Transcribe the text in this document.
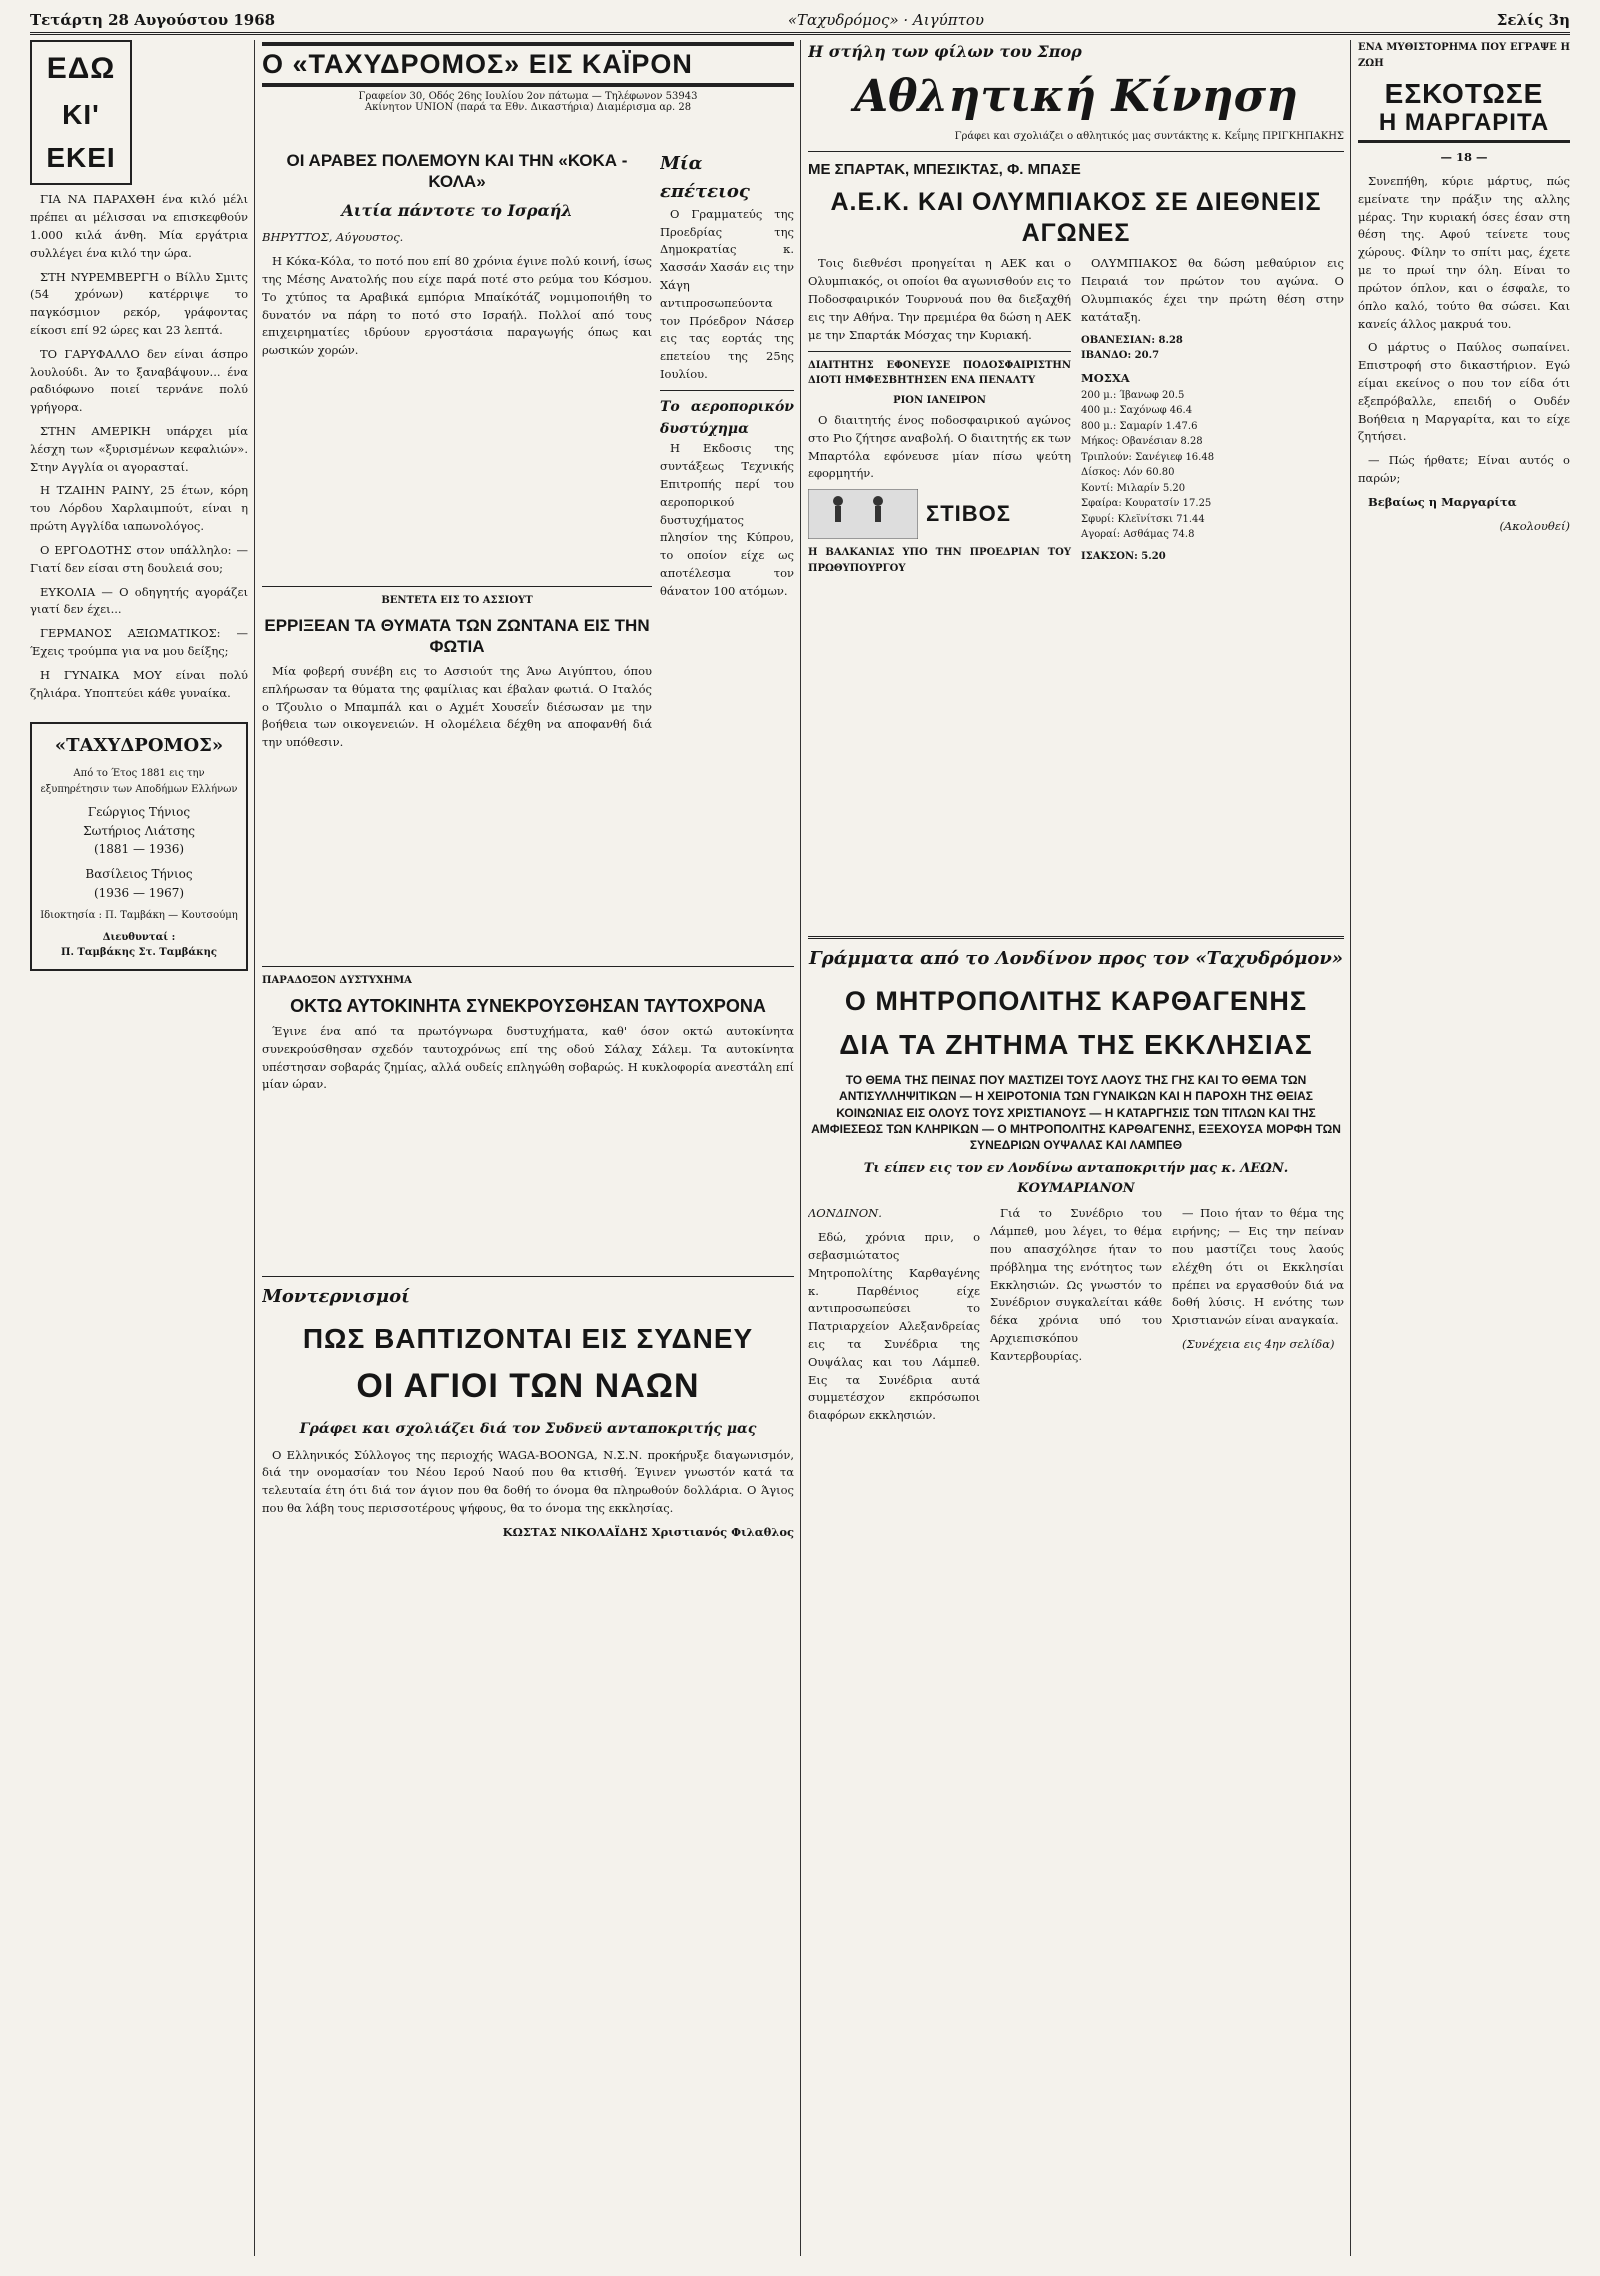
Τετάρτη 28 Αυγούστου 1968	«Ταχυδρόμος» · Αιγύπτου	Σελίς 3η
ΕΔΩ
ΚΙ' ΕΚΕΙ

ΓΙΑ ΝΑ ΠΑΡΑΧΘΗ ένα κιλό μέλι πρέπει αι μέλισσαι να επισκεφθούν 1.000 κιλά άνθη. Μία εργάτρια συλλέγει ένα κιλό την ώρα.

ΣΤΗ ΝΥΡΕΜΒΕΡΓΗ ο Βίλλυ Σμιτς (54 χρόνων) κατέρριψε το παγκόσμιον ρεκόρ, γράφοντας είκοσι επί 92 ώρες και 23 λεπτά.

ΤΟ ΓΑΡΥΦΑΛΛΟ δεν είναι άσπρο λουλούδι. Άν το ξαναβάψουν... ένα ραδιόφωνο ποιεί τερνάνε πολύ γρήγορα.

ΣΤΗΝ ΑΜΕΡΙΚΗ υπάρχει μία λέσχη των «ξυρισμένων κεφαλιών». Στην Αγγλία οι αγορασταί.

Η ΤΖΑΙΗΝ ΡΑΙΝΥ, 25 έτων, κόρη του Λόρδου Χαρλαιμπούτ, είναι η πρώτη Αγγλίδα ιαπωνολόγος.

Ο ΕΡΓΟΔΟΤΗΣ στον υπάλληλο: — Γιατί δεν είσαι στη δουλειά σου;

ΕΥΚΟΛΙΑ — Ο οδηγητής αγοράζει γιατί δεν έχει...

ΓΕΡΜΑΝΟΣ ΑΞΙΩΜΑΤΙΚΟΣ: — Έχεις τρούμπα για να μου δείξης;

Η ΓΥΝΑΙΚΑ ΜΟΥ είναι πολύ ζηλιάρα. Υποπτεύει κάθε γυναίκα.

«ΤΑΧΥΔΡΟΜΟΣ»
Από το Έτος 1881 εις την εξυπηρέτησιν των Αποδήμων Ελλήνων
Γεώργιος Τήνιος
Σωτήριος Λιάτσης
(1881 — 1936)
Βασίλειος Τήνιος
(1936 — 1967)
Ιδιοκτησία : Π. Ταμβάκη — Κουτσούμη
Διευθυνταί :
Π. Ταμβάκης Στ. Ταμβάκης
Ο «ΤΑΧΥΔΡΟΜΟΣ» ΕΙΣ ΚΑΪΡΟΝ
Γραφείον 30, Οδός 26ης Ιουλίου 2ον πάτωμα — Τηλέφωνον 53943
Ακίνητον UNION (παρά τα Εθν. Δικαστήρια) Διαμέρισμα αρ. 28
ΟΙ ΑΡΑΒΕΣ ΠΟΛΕΜΟΥΝ ΚΑΙ ΤΗΝ «ΚΟΚΑ - ΚΟΛΑ»
Αιτία πάντοτε το Ισραήλ

ΒΗΡΥΤΤΟΣ, Αύγουστος.

Η Κόκα-Κόλα, το ποτό που επί 80 χρόνια έγινε πολύ κοινή, ίσως της Μέσης Ανατολής που είχε παρά ποτέ στο ρεύμα του Κόσμου. Το χτύπος τα Αραβικά εμπόρια Μπαίκότάζ νομιμοποιήθη το δυνατόν να πάρη το ποτό στο Ισραήλ. Πολλοί από τους επιχειρηματίες ιδρύουν εργοστάσια παραγωγής όπως και ρωσικών χορών.

Μία επέτειος

Ο Γραμματεύς της Προεδρίας της Δημοκρατίας κ. Χασσάν Χασάν εις την Χάγη αντιπροσωπεύοντα τον Πρόεδρον Νάσερ εις τας εορτάς της επετείου της 25ης Ιουλίου.

Το αεροπορικόν δυστύχημα

Η Εκδοσις της συντάξεως Τεχνικής Επιτροπής περί του αεροπορικού δυστυχήματος πλησίον της Κύπρου, το οποίον είχε ως αποτέλεσμα τον θάνατον 100 ατόμων.

ΒΕΝΤΕΤΑ ΕΙΣ ΤΟ ΑΣΣΙΟΥΤ
ΕΡΡΙΞΕΑΝ ΤΑ ΘΥΜΑΤΑ ΤΩΝ ΖΩΝΤΑΝΑ ΕΙΣ ΤΗΝ ΦΩΤΙΑ

Μία φοβερή συνέβη εις το Ασσιούτ της Άνω Αιγύπτου, όπου επλήρωσαν τα θύματα της φαμίλιας και έβαλαν φωτιά. Ο Ιταλός ο Τζουλιο ο Μπαμπάλ και ο Αχμέτ Χουσεΐν διέσωσαν με την βοήθεια των οικογενειών. Η ολομέλεια δέχθη να αποφανθή διά την υπόθεσιν.

ΠΑΡΑΔΟΞΟΝ ΔΥΣΤΥΧΗΜΑ
ΟΚΤΩ ΑΥΤΟΚΙΝΗΤΑ ΣΥΝΕΚΡΟΥΣΘΗΣΑΝ ΤΑΥΤΟΧΡΟΝΑ

Έγινε ένα από τα πρωτόγνωρα δυστυχήματα, καθ' όσον οκτώ αυτοκίνητα συνεκρούσθησαν σχεδόν ταυτοχρόνως επί της οδού Σάλαχ Σάλεμ. Τα αυτοκίνητα υπέστησαν σοβαράς ζημίας, αλλά ουδείς επληγώθη σοβαρώς. Η κυκλοφορία ανεστάλη επί μίαν ώραν.

Μοντερνισμοί
ΠΩΣ ΒΑΠΤΙΖΟΝΤΑΙ ΕΙΣ ΣΥΔΝΕΥ
ΟΙ ΑΓΙΟΙ ΤΩΝ ΝΑΩΝ
Γράφει και σχολιάζει διά τον Συδνεϋ ανταποκριτής μας

Ο Ελληνικός Σύλλογος της περιοχής WAGA-BOONGA, Ν.Σ.Ν. προκήρυξε διαγωνισμόν, διά την ονομασίαν του Νέου Ιερού Ναού που θα κτισθή. Έγινεν γνωστόν κατά τα τελευταία έτη ότι διά τον άγιον που θα δοθή το όνομα θα πληρωθούν δολλάρια. Ο Άγιος που θα λάβη τους περισσοτέρους ψήφους, θα το όνομα της εκκλησίας.

ΚΩΣΤΑΣ ΝΙΚΟΛΑΪΔΗΣ Χριστιανός Φιλαθλος

Η στήλη των φίλων του Σπορ
Αθλητική Κίνηση
Γράφει και σχολιάζει ο αθλητικός μας συντάκτης κ. Κεΐμης ΠΡΙΓΚΗΠΑΚΗΣ
ΜΕ ΣΠΑΡΤΑΚ, ΜΠΕΣΙΚΤΑΣ, Φ. ΜΠΑΣΕ
Α.Ε.Κ. ΚΑΙ ΟΛΥΜΠΙΑΚΟΣ ΣΕ ΔΙΕΘΝΕΙΣ ΑΓΩΝΕΣ

Τοις διεθνέσι προηγείται η ΑΕΚ και ο Ολυμπιακός, οι οποίοι θα αγωνισθούν εις το Ποδοσφαιρικόν Τουρνουά που θα διεξαχθή εις την Αθήνα. Την πρεμιέρα θα δώση η ΑΕΚ με την Σπαρτάκ Μόσχας την Κυριακή.

ΔΙΑΙΤΗΤΗΣ ΕΦΟΝΕΥΣΕ ΠΟΔΟΣΦΑΙΡΙΣΤΗΝ ΔΙΟΤΙ ΗΜΦΕΣΒΗΤΗΣΕΝ ΕΝΑ ΠΕΝΑΛΤΥ
ΡΙΟΝ ΙΑΝΕΙΡΟΝ

Ο διαιτητής ένος ποδοσφαιρικού αγώνος στο Ριο ζήτησε αναβολή. Ο διαιτητής εκ των Μπαρτόλα εφόνευσε μίαν πίσω ψεύτη εφορμητήν.

ΣΤΙΒΟΣ
Η ΒΑΛΚΑΝΙΑΣ ΥΠΟ ΤΗΝ ΠΡΟΕΔΡΙΑΝ ΤΟΥ ΠΡΩΘΥΠΟΥΡΓΟΥ

ΟΛΥΜΠΙΑΚΟΣ θα δώση μεθαύριον εις Πειραιά τον πρώτον του αγώνα. Ο Ολυμπιακός έχει την πρώτη θέση στην κατάταξη.

ΟΒΑΝΕΣΙΑΝ: 8.28
ΙΒΑΝΔΟ: 20.7
ΜΟΣΧΑ
200 μ.: Ίβανωφ 20.5
400 μ.: Σαχόνωφ 46.4
800 μ.: Σαμαρίν 1.47.6
Μήκος: Οβανέσιαν 8.28
Τριπλούν: Σανέγιεφ 16.48
Δίσκος: Λόν 60.80
Κοντί: Μιλαρίν 5.20
Σφαίρα: Κουρατσίν 17.25
Σφυρί: Κλεϊνίτσκι 71.44
Αγοραί: Ασθάμας 74.8
ΙΣΑΚΣΟΝ: 5.20
ΕΝΑ ΜΥΘΙΣΤΟΡΗΜΑ ΠΟΥ ΕΓΡΑΨΕ Η ΖΩΗ
ΕΣΚΟΤΩΣΕ
Η ΜΑΡΓΑΡΙΤΑ
— 18 —

Συνεπήθη, κύριε μάρτυς, πώς εμείνατε την πράξιν της αλλης μέρας. Την κυριακή όσες έσαν στη θέση της. Αφού τείνετε τους χώρους. Φίλην το σπίτι μας, έχετε με το πρωί την όλη. Είναι το πρώτον όπλον, και ο έσφαλε, το όπλο καλό, τούτο θα σώσει. Και κανείς άλλος μακρυά του.

Ο μάρτυς ο Παύλος σωπαίνει. Επιστροφή στο δικαστήριον. Εγώ είμαι εκείνος ο που τον είδα ότι εξεπρόβαλλε, επειδή ο Ουδέν Βοήθεια η Μαργαρίτα, και το είχε ζητήσει.

— Πώς ήρθατε; Είναι αυτός ο παρών;

Βεβαίως η Μαργαρίτα

(Ακολουθεί)

Γράμματα από το Λονδίνον προς τον «Ταχυδρόμον»
Ο ΜΗΤΡΟΠΟΛΙΤΗΣ ΚΑΡΘΑΓΕΝΗΣ
ΔΙΑ ΤΑ ΖΗΤΗΜΑ ΤΗΣ ΕΚΚΛΗΣΙΑΣ
ΤΟ ΘΕΜΑ ΤΗΣ ΠΕΙΝΑΣ ΠΟΥ ΜΑΣΤΙΖΕΙ ΤΟΥΣ ΛΑΟΥΣ ΤΗΣ ΓΗΣ ΚΑΙ ΤΟ ΘΕΜΑ ΤΩΝ ΑΝΤΙΣΥΛΛΗΨΙΤΙΚΩΝ — Η ΧΕΙΡΟΤΟΝΙΑ ΤΩΝ ΓΥΝΑΙΚΩΝ ΚΑΙ Η ΠΑΡΟΧΗ ΤΗΣ ΘΕΙΑΣ ΚΟΙΝΩΝΙΑΣ ΕΙΣ ΟΛΟΥΣ ΤΟΥΣ ΧΡΙΣΤΙΑΝΟΥΣ — Η ΚΑΤΑΡΓΗΣΙΣ ΤΩΝ ΤΙΤΛΩΝ ΚΑΙ ΤΗΣ ΑΜΦΙΕΣΕΩΣ ΤΩΝ ΚΛΗΡΙΚΩΝ — Ο ΜΗΤΡΟΠΟΛΙΤΗΣ ΚΑΡΘΑΓΕΝΗΣ, ΕΞΕΧΟΥΣΑ ΜΟΡΦΗ ΤΩΝ ΣΥΝΕΔΡΙΩΝ ΟΥΨΑΛΑΣ ΚΑΙ ΛΑΜΠΕΘ
Τι είπεν εις τον εν Λονδίνω ανταποκριτήν μας κ. ΛΕΩΝ. ΚΟΥΜΑΡΙΑΝΟΝ

ΛΟΝΔΙΝΟΝ.

Εδώ, χρόνια πριν, ο σεβασμιώτατος Μητροπολίτης Καρθαγένης κ. Παρθένιος είχε αντιπροσωπεύσει το Πατριαρχείον Αλεξανδρείας εις τα Συνέδρια της Ουψάλας και του Λάμπεθ. Εις τα Συνέδρια αυτά συμμετέσχον εκπρόσωποι διαφόρων εκκλησιών.

Γιά το Συνέδριο του Λάμπεθ, μου λέγει, το θέμα που απασχόλησε ήταν το πρόβλημα της ενότητος των Εκκλησιών. Ως γνωστόν το Συνέδριον συγκαλείται κάθε δέκα χρόνια υπό του Αρχιεπισκόπου Καντερβουρίας.

— Ποιο ήταν το θέμα της ειρήνης; — Εις την πείναν που μαστίζει τους λαούς ελέχθη ότι οι Εκκλησίαι πρέπει να εργασθούν διά να δοθή λύσις. Η ενότης των Χριστιανών είναι αναγκαία.

(Συνέχεια εις 4ην σελίδα)
